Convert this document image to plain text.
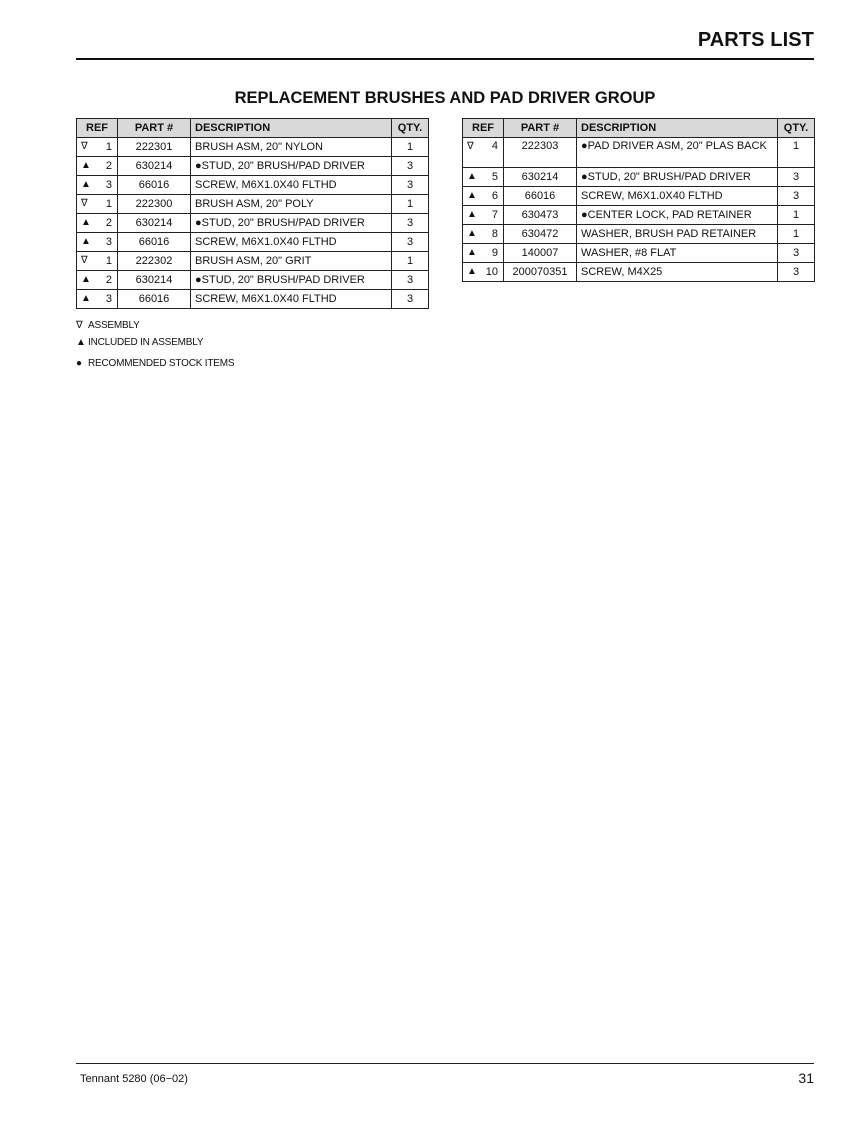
PARTS LIST
REPLACEMENT BRUSHES AND PAD DRIVER GROUP
REF	PART #	DESCRIPTION	QTY.

∇ 1	222301	BRUSH ASM, 20" NYLON	1

▲ 2	630214	●STUD, 20" BRUSH/PAD DRIVER	3

▲ 3	66016	SCREW, M6X1.0X40 FLTHD	3

∇ 1	222300	BRUSH ASM, 20" POLY	1

▲ 2	630214	●STUD, 20" BRUSH/PAD DRIVER	3

▲ 3	66016	SCREW, M6X1.0X40 FLTHD	3

∇ 1	222302	BRUSH ASM, 20" GRIT	1

▲ 2	630214	●STUD, 20" BRUSH/PAD DRIVER	3

▲ 3	66016	SCREW, M6X1.0X40 FLTHD	3
REF	PART #	DESCRIPTION	QTY.

∇ 4	222303	●PAD DRIVER ASM, 20" PLAS BACK	1

▲ 5	630214	●STUD, 20" BRUSH/PAD DRIVER	3

▲ 6	66016	SCREW, M6X1.0X40 FLTHD	3

▲ 7	630473	●CENTER LOCK, PAD RETAINER	1

▲ 8	630472	WASHER, BRUSH PAD RETAINER	1

▲ 9	140007	WASHER, #8 FLAT	3

▲ 10	200070351	SCREW, M4X25	3
∇ ASSEMBLY
▲ INCLUDED IN ASSEMBLY
● RECOMMENDED STOCK ITEMS
Tennant 5280 (06−02)	31
